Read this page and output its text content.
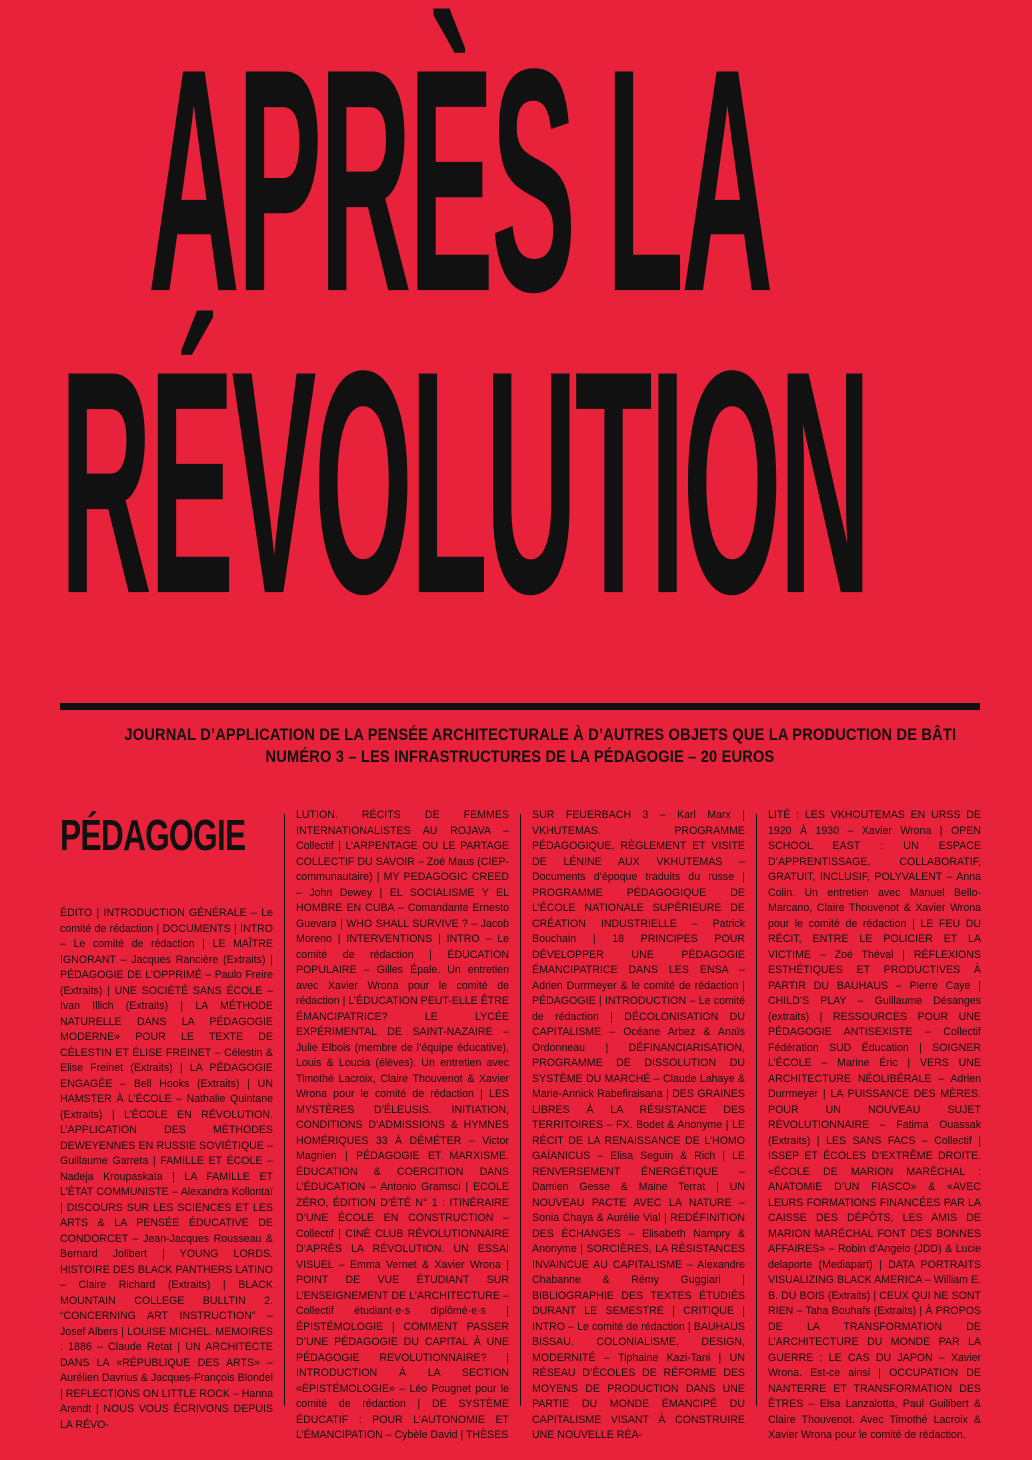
APRÈS LA
RÉVOLUTION
JOURNAL D’APPLICATION DE LA PENSÉE ARCHITECTURALE À D’AUTRES OBJETS QUE LA PRODUCTION DE BÂTI
NUMÉRO 3 – LES INFRASTRUCTURES DE LA PÉDAGOGIE – 20 EUROS
PÉDAGOGIE
ÉDITO | INTRODUCTION GÉNÉRALE – Le comité de rédaction | DOCUMENTS | INTRO – Le comité de rédaction | LE MAÎTRE IGNORANT – Jacques Rancière (Extraits) | PÉDAGOGIE DE L’OPPRIMÉ – Paulo Freire (Extraits) | UNE SOCIÉTÉ SANS ÉCOLE – Ivan Illich (Extraits) | LA MÉTHODE NATURELLE DANS LA PÉDAGOGIE MODERNE» POUR LE TEXTE DE CÉLESTIN ET ÉLISE FREINET – Célestin & Elise Freinet (Extraits) | LA PÉDAGOGIE ENGAGÉE – Bell Hooks (Extraits) | UN HAMSTER À L’ÉCOLE – Nathalie Quintane (Extraits) | L’ÉCOLE EN RÉVOLUTION. L’APPLICATION DES MÉTHODES DEWEYENNES EN RUSSIE SOVIÉTIQUE – Guillaume Garreta | FAMILLE ET ÉCOLE – Nadeja Kroupaskaïa | LA FAMILLE ET L’ÉTAT COMMUNISTE – Alexandra Kollontaï | DISCOURS SUR LES SCIENCES ET LES ARTS & LA PENSÉE ÉDUCATIVE DE CONDORCET – Jean-Jacques Rousseau & Bernard Jolibert | YOUNG LORDS. HISTOIRE DES BLACK PANTHERS LATINO – Claire Richard (Extraits) | BLACK MOUNTAIN COLLEGE BULLTIN 2. “CONCERNING ART INSTRUCTION” – Josef Albers | LOUISE MICHEL. MEMOIRES : 1886 – Claude Retat | UN ARCHITECTE DANS LA «RÉPUBLIQUE DES ARTS» – Aurélien Davrius & Jacques-François Blondel | REFLECTIONS ON LITTLE ROCK – Hanna Arendt | NOUS VOUS ÉCRIVONS DEPUIS LA RÉVO-
LUTION. RÉCITS DE FEMMES INTERNATIONALISTES AU ROJAVA – Collectif | L’ARPENTAGE OU LE PARTAGE COLLECTIF DU SAVOIR – Zoé Maus (CIEP-communautaire) | MY PEDAGOGIC CREED – John Dewey | EL SOCIALISME Y EL HOMBRE EN CUBA – Comandante Ernesto Guevara | WHO SHALL SURVIVE ? – Jacob Moreno | INTERVENTIONS | INTRO – Le comité de rédaction | ÉDUCATION POPULAIRE – Gilles Épale. Un entretien avec Xavier Wrona pour le comité de rédaction | L’ÉDUCATION PEUT-ELLE ÊTRE ÉMANCIPATRICE? LE LYCÉE EXPÉRIMENTAL DE SAINT-NAZAIRE – Julie Elbois (membre de l’équipe éducative), Louis & Loucia (élèves). Un entretien avec Timothé Lacroix, Claire Thouvenot & Xavier Wrona pour le comité de rédaction | LES MYSTÈRES D’ÉLEUSIS. INITIATION, CONDITIONS D’ADMISSIONS & HYMNES HOMÉRIQUES 33 À DÉMÉTER – Victor Magnien | PÉDAGOGIE ET MARXISME. ÉDUCATION & COERCITION DANS L’ÉDUCATION – Antonio Gramsci | ECOLE ZÉRO, ÉDITION D’ÉTÉ N° 1 : ITINÉRAIRE D’UNE ÉCOLE EN CONSTRUCTION – Collectif | CINÉ CLUB RÉVOLUTIONNAIRE D’APRÈS LA RÉVOLUTION. UN ESSAI VISUEL – Emma Vernet & Xavier Wrona | POINT DE VUE ÉTUDIANT SUR L’ENSEIGNEMENT DE L’ARCHITECTURE – Collectif étudiant·e·s diplômé·e·s | ÉPISTÉMOLOGIE | COMMENT PASSER D’UNE PÉDAGOGIE DU CAPITAL À UNE PÉDAGOGIE REVOLUTIONNAIRE? | INTRODUCTION À LA SECTION «ÉPISTÉMOLOGIE» – Léo Pougnet pour le comité de rédaction | DE SYSTÈME ÉDUCATIF : POUR L’AUTONOMIE ET L’ÉMANCIPATION – Cybèle David | THÈSES
SUR FEUERBACH 3 – Karl Marx | VKHUTEMAS. PROGRAMME PÉDAGOGIQUE, RÈGLEMENT ET VISITE DE LÉNINE AUX VKHUTEMAS – Documents d’époque traduits du russe | PROGRAMME PÉDAGOGIQUE DE L’ÉCOLE NATIONALE SUPÉRIEURE DE CRÉATION INDUSTRIELLE – Patrick Bouchain | 18 PRINCIPES POUR DÉVELOPPER UNE PÉDAGOGIE ÉMANCIPATRICE DANS LES ENSA – Adrien Durrmeyer & le comité de rédaction | PÉDAGOGIE | INTRODUCTION – Le comité de rédaction | DÉCOLONISATION DU CAPITALISME – Océane Arbez & Anaïs Ordonneau | DÉFINANCIARISATION, PROGRAMME DE DISSOLUTION DU SYSTÈME DU MARCHÉ – Claude Lahaye & Marie-Annick Rabefiraisana | DES GRAINES LIBRES À LA RÉSISTANCE DES TERRITOIRES – FX. Bodet & Anonyme | LE RÉCIT DE LA RENAISSANCE DE L’HOMO GAÏANICUS – Elisa Seguin & Rich | LE RENVERSEMENT ÉNERGÉTIQUE – Damien Gesse & Maine Terrat | UN NOUVEAU PACTE AVEC LA NATURE – Sonia Chaya & Aurélie Vial | REDÉFINITION DES ÉCHANGES – Elisabeth Nampry & Anonyme | SORCIÈRES, LA RÉSISTANCES INVAINCUE AU CAPITALISME – Alexandre Chabanne & Rémy Guggiari | BIBLIOGRAPHIE DES TEXTES ÉTUDIÉS DURANT LE SEMESTRE | CRITIQUE | INTRO – Le comité de rédaction | BAUHAUS BISSAU. COLONIALISME, DESIGN, MODERNITÉ – Tiphaine Kazi-Tani | UN RÉSEAU D’ÉCOLES DE RÉFORME DES MOYENS DE PRODUCTION DANS UNE PARTIE DU MONDE ÉMANCIPÉ DU CAPITALISME VISANT À CONSTRUIRE UNE NOUVELLE RÉA-
LITÉ : LES VKHOUTEMAS EN URSS DE 1920 À 1930 – Xavier Wrona | OPEN SCHOOL EAST : UN ESPACE D’APPRENTISSAGE, COLLABORATIF, GRATUIT, INCLUSIF, POLYVALENT – Anna Colin. Un entretien avec Manuel Bello-Marcano, Claire Thouvenot & Xavier Wrona pour le comité de rédaction | LE FEU DU RÉCIT, ENTRE LE POLICIER ET LA VICTIME – Zoé Théval | RÉFLEXIONS ESTHÉTIQUES ET PRODUCTIVES À PARTIR DU BAUHAUS – Pierre Caye | CHILD’S PLAY – Guillaume Désanges (extraits) | RESSOURCES POUR UNE PÉDAGOGIE ANTISEXISTE – Collectif Fédération SUD Éducation | SOIGNER L’ÉCOLE – Marine Éric | VERS UNE ARCHITECTURE NÉOLIBÉRALE – Adrien Durrmeyer | LA PUISSANCE DES MÈRES. POUR UN NOUVEAU SUJET RÉVOLUTIONNAIRE – Fatima Ouassak (Extraits) | LES SANS FACS – Collectif | ISSEP ET ÉCOLES D’EXTRÊME DROITE. «ÉCOLE DE MARION MARÉCHAL : ANATOMIE D’UN FIASCO» & «AVEC LEURS FORMATIONS FINANCÉES PAR LA CAISSE DES DÉPÔTS, LES AMIS DE MARION MARÉCHAL FONT DES BONNES AFFAIRES» – Robin d’Angelo (JDD) & Lucie delaporte (Mediapart) | DATA PORTRAITS VISUALIZING BLACK AMERICA – William E. B. DU BOIS (Extraits) | CEUX QUI NE SONT RIEN – Taha Bouhafs (Extraits) | À PROPOS DE LA TRANSFORMATION DE L’ARCHITECTURE DU MONDE PAR LA GUERRE : LE CAS DU JAPON – Xavier Wrona. Est-ce ainsi | OCCUPATION DE NANTERRE ET TRANSFORMATION DES ÊTRES – Elsa Lanzalotta, Paul Guilibert & Claire Thouvenot. Avec Timothé Lacroix & Xavier Wrona pour le comité de rédaction.
